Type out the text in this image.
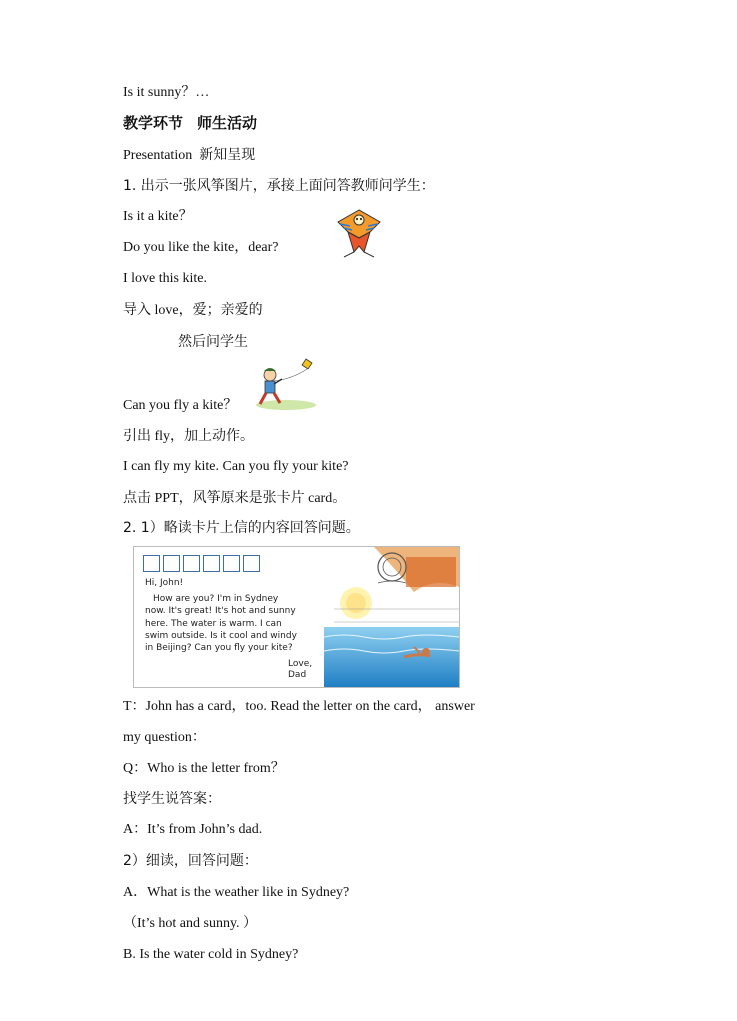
Is it sunny？…
教学环节 师生活动
Presentation 新知呈现
1. 出示一张风筝图片，承接上面问答教师问学生：
Is it a kite？
Do you like the kite，dear?
I love this kite.
导入 love，爱；亲爱的
然后问学生
Can you fly a kite？
引出 fly，加上动作。
I can fly my kite. Can you fly your kite?
点击 PPT，风筝原来是张卡片 card。
2. 1）略读卡片上信的内容回答问题。
Hi, John!
How are you? I'm in Sydney
now. It's great! It's hot and sunny
here. The water is warm. I can
swim outside. Is it cool and windy
in Beijing? Can you fly your kite?
Love,
Dad
T：John has a card，too. Read the letter on the card， answer
my question：
Q：Who is the letter from？
找学生说答案：
A：It’s from John’s dad.
2）细读，回答问题：
A．What is the weather like in Sydney?
（It’s hot and sunny. ）
B. Is the water cold in Sydney?
